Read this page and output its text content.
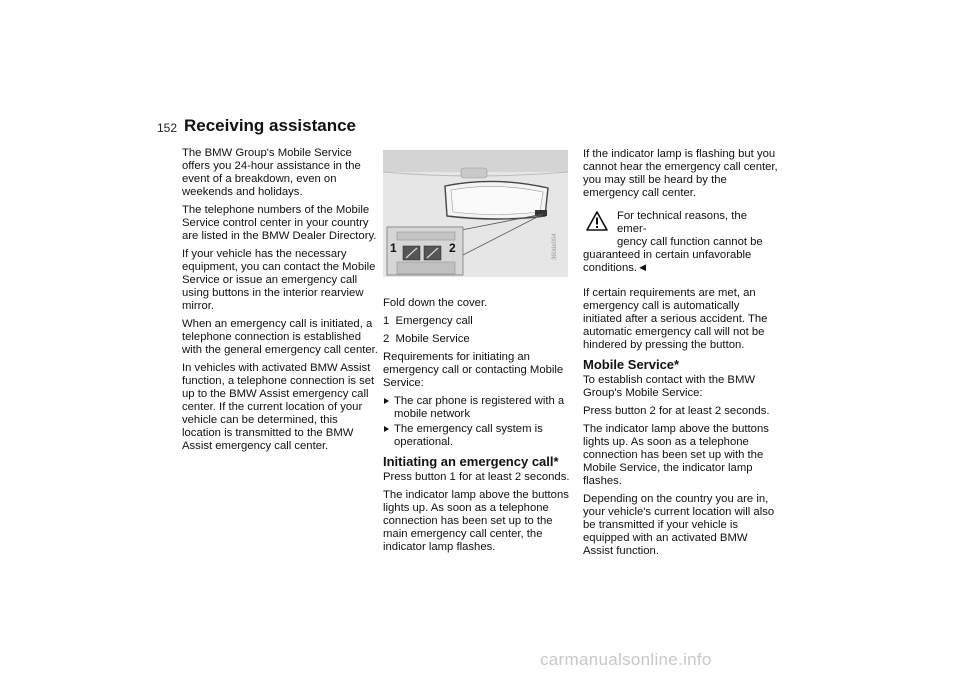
152 Receiving assistance

The BMW Group's Mobile Service offers you 24-hour assistance in the event of a breakdown, even on weekends and holidays.

The telephone numbers of the Mobile Service control center in your country are listed in the BMW Dealer Directory.

If your vehicle has the necessary equipment, you can contact the Mobile Service or issue an emergency call using buttons in the interior rearview mirror.

When an emergency call is initiated, a telephone connection is established with the general emergency call center.

In vehicles with activated BMW Assist function, a telephone connection is set up to the BMW Assist emergency call center. If the current location of your vehicle can be determined, this location is transmitted to the BMW Assist emergency call center.

360de004
1	2

Fold down the cover.

1  Emergency call

2  Mobile Service

Requirements for initiating an emergency call or contacting Mobile Service:

The car phone is registered with a mobile network
The emergency call system is operational.
Initiating an emergency call*

Press button 1 for at least 2 seconds.

The indicator lamp above the buttons lights up. As soon as a telephone connection has been set up to the main emergency call center, the indicator lamp flashes.

If the indicator lamp is flashing but you cannot hear the emergency call center, you may still be heard by the emergency call center.

For technical reasons, the emer-
gency call function cannot be
guaranteed in certain unfavorable conditions.◄

If certain requirements are met, an emergency call is automatically initiated after a serious accident. The automatic emergency call will not be hindered by pressing the button.

Mobile Service*

To establish contact with the BMW Group's Mobile Service:

Press button 2 for at least 2 seconds.

The indicator lamp above the buttons lights up. As soon as a telephone connection has been set up with the Mobile Service, the indicator lamp flashes.

Depending on the country you are in, your vehicle's current location will also be transmitted if your vehicle is equipped with an activated BMW Assist function.

carmanualsonline.info
